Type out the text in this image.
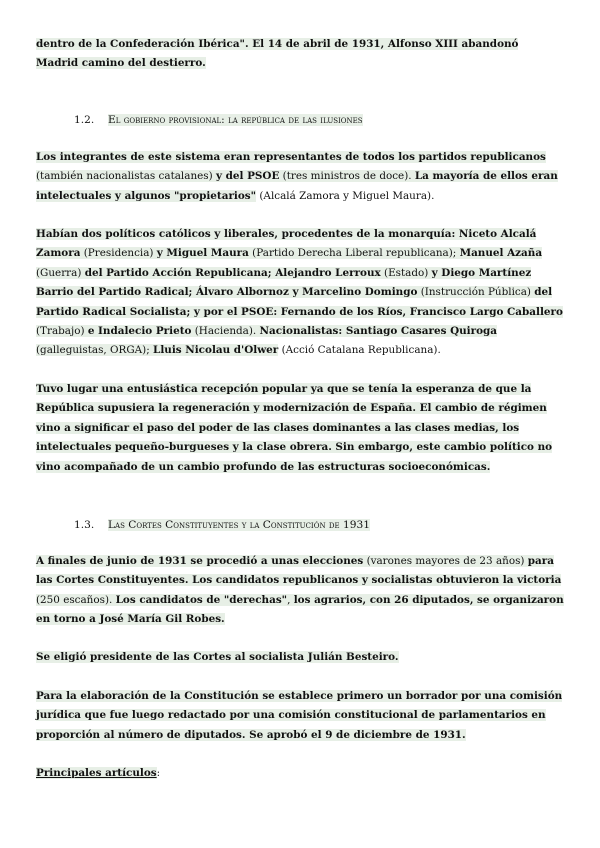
dentro de la Confederación Ibérica". El 14 de abril de 1931, Alfonso XIII abandonó Madrid camino del destierro.

1.2. El gobierno provisional: la república de las ilusiones

Los integrantes de este sistema eran representantes de todos los partidos republicanos (también nacionalistas catalanes) y del PSOE (tres ministros de doce). La mayoría de ellos eran intelectuales y algunos "propietarios" (Alcalá Zamora y Miguel Maura).

Habían dos políticos católicos y liberales, procedentes de la monarquía: Niceto Alcalá Zamora (Presidencia) y Miguel Maura (Partido Derecha Liberal republicana); Manuel Azaña (Guerra) del Partido Acción Republicana; Alejandro Lerroux (Estado) y Diego Martínez Barrio del Partido Radical; Álvaro Albornoz y Marcelino Domingo (Instrucción Pública) del Partido Radical Socialista; y por el PSOE: Fernando de los Ríos, Francisco Largo Caballero (Trabajo) e Indalecio Prieto (Hacienda). Nacionalistas: Santiago Casares Quiroga (galleguistas, ORGA); Lluis Nicolau d'Olwer (Acció Catalana Republicana).

Tuvo lugar una entusiástica recepción popular ya que se tenía la esperanza de que la República supusiera la regeneración y modernización de España. El cambio de régimen vino a significar el paso del poder de las clases dominantes a las clases medias, los intelectuales pequeño-burgueses y la clase obrera. Sin embargo, este cambio político no vino acompañado de un cambio profundo de las estructuras socioeconómicas.

1.3. Las Cortes Constituyentes y la Constitución de 1931

A finales de junio de 1931 se procedió a unas elecciones (varones mayores de 23 años) para las Cortes Constituyentes. Los candidatos republicanos y socialistas obtuvieron la victoria (250 escaños). Los candidatos de "derechas", los agrarios, con 26 diputados, se organizaron en torno a José María Gil Robes.

Se eligió presidente de las Cortes al socialista Julián Besteiro.

Para la elaboración de la Constitución se establece primero un borrador por una comisión jurídica que fue luego redactado por una comisión constitucional de parlamentarios en proporción al número de diputados. Se aprobó el 9 de diciembre de 1931.

Principales artículos:
